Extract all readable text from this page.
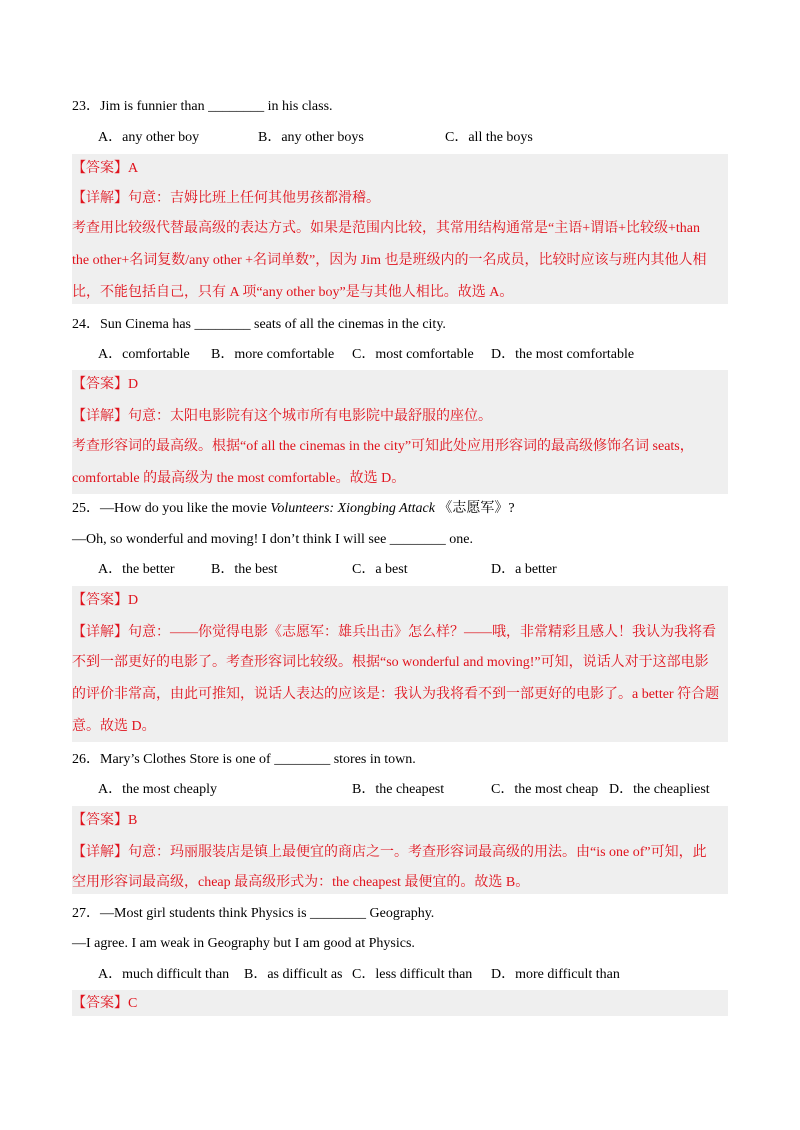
23．Jim is funnier than ________ in his class.
A．any other boy	B．any other boys	C．all the boys
【答案】A
【详解】句意：吉姆比班上任何其他男孩都滑稽。
考查用比较级代替最高级的表达方式。如果是范围内比较，其常用结构通常是“主语+谓语+比较级+than
the other+名词复数/any other +名词单数”，因为 Jim 也是班级内的一名成员，比较时应该与班内其他人相
比，不能包括自己，只有 A 项“any other boy”是与其他人相比。故选 A。
24．Sun Cinema has ________ seats of all the cinemas in the city.
A．comfortable B．more comfortable C．most comfortable D．the most comfortable
【答案】D
【详解】句意：太阳电影院有这个城市所有电影院中最舒服的座位。
考查形容词的最高级。根据“of all the cinemas in the city”可知此处应用形容词的最高级修饰名词 seats，
comfortable 的最高级为 the most comfortable。故选 D。
25．—How do you like the movie Volunteers: Xiongbing Attack 《志愿军》?
—Oh, so wonderful and moving! I don’t think I will see ________ one.
A．the better	B．the best	C．a best	D．a better
【答案】D
【详解】句意：——你觉得电影《志愿军：雄兵出击》怎么样？——哦，非常精彩且感人！我认为我将看
不到一部更好的电影了。考查形容词比较级。根据“so wonderful and moving!”可知，说话人对于这部电影
的评价非常高，由此可推知，说话人表达的应该是：我认为我将看不到一部更好的电影了。a better 符合题
意。故选 D。
26．Mary’s Clothes Store is one of ________ stores in town.
A．the most cheaply	B．the cheapest	C．the most cheap D．the cheapliest
【答案】B
【详解】句意：玛丽服装店是镇上最便宜的商店之一。考查形容词最高级的用法。由“is one of”可知，此
空用形容词最高级，cheap 最高级形式为：the cheapest 最便宜的。故选 B。
27．—Most girl students think Physics is ________ Geography.
—I agree. I am weak in Geography but I am good at Physics.
A．much difficult than B．as difficult as C．less difficult than D．more difficult than
【答案】C
